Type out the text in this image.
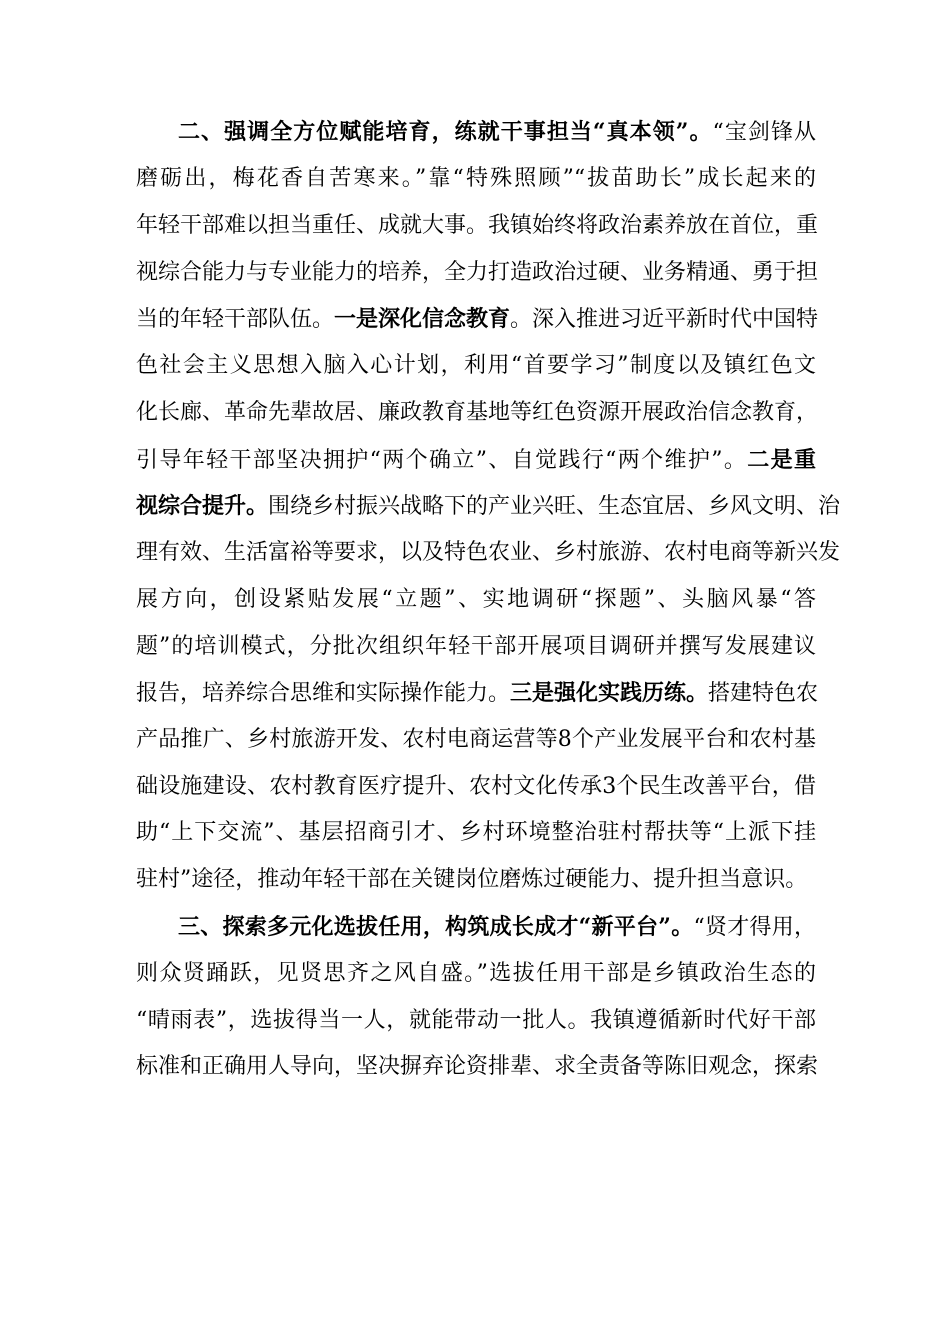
二、强调全方位赋能培育，练就干事担当“真本领”。“宝剑锋从
磨砺出，梅花香自苦寒来。”靠“特殊照顾”“拔苗助长”成长起来的
年轻干部难以担当重任、成就大事。我镇始终将政治素养放在首位，重
视综合能力与专业能力的培养，全力打造政治过硬、业务精通、勇于担
当的年轻干部队伍。一是深化信念教育。深入推进习近平新时代中国特
色社会主义思想入脑入心计划，利用“首要学习”制度以及镇红色文
化长廊、革命先辈故居、廉政教育基地等红色资源开展政治信念教育，
引导年轻干部坚决拥护“两个确立”、自觉践行“两个维护”。二是重
视综合提升。围绕乡村振兴战略下的产业兴旺、生态宜居、乡风文明、治
理有效、生活富裕等要求，以及特色农业、乡村旅游、农村电商等新兴发
展方向，创设紧贴发展“立题”、实地调研“探题”、头脑风暴“答
题”的培训模式，分批次组织年轻干部开展项目调研并撰写发展建议
报告，培养综合思维和实际操作能力。三是强化实践历练。搭建特色农
产品推广、乡村旅游开发、农村电商运营等8个产业发展平台和农村基
础设施建设、农村教育医疗提升、农村文化传承3个民生改善平台，借
助“上下交流”、基层招商引才、乡村环境整治驻村帮扶等“上派下挂
驻村”途径，推动年轻干部在关键岗位磨炼过硬能力、提升担当意识。
三、探索多元化选拔任用，构筑成长成才“新平台”。“贤才得用，
则众贤踊跃，见贤思齐之风自盛。”选拔任用干部是乡镇政治生态的
“晴雨表”，选拔得当一人，就能带动一批人。我镇遵循新时代好干部
标准和正确用人导向，坚决摒弃论资排辈、求全责备等陈旧观念，探索
